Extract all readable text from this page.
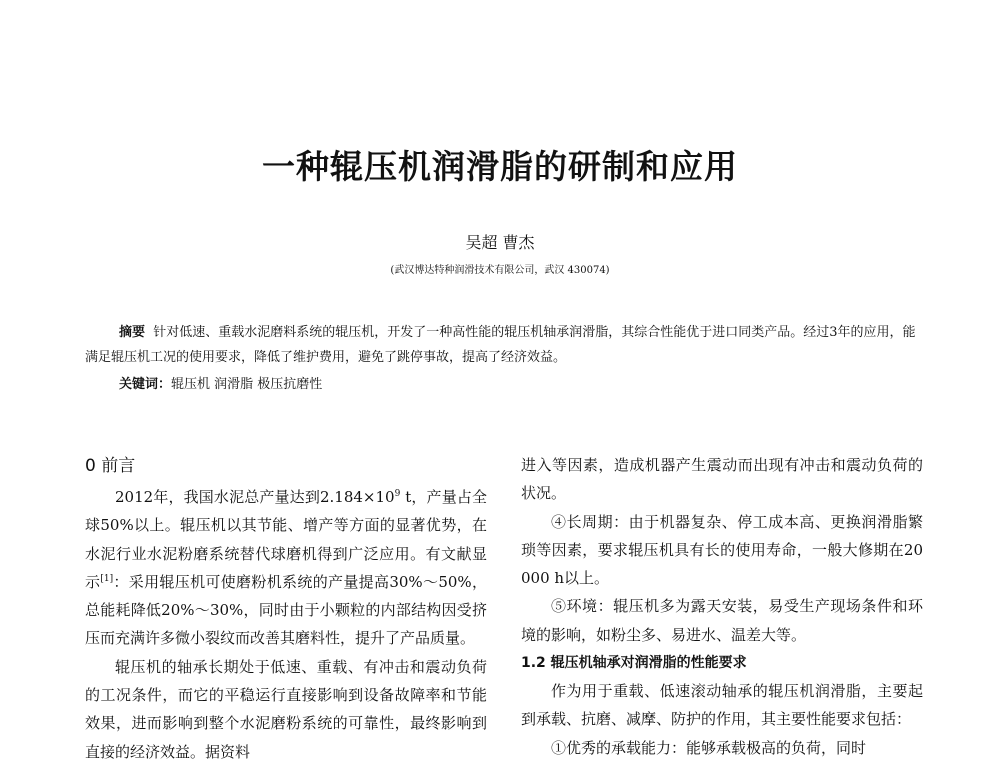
一种辊压机润滑脂的研制和应用
吴超 曹杰
(武汉博达特种润滑技术有限公司，武汉 430074)

摘要 针对低速、重载水泥磨料系统的辊压机，开发了一种高性能的辊压机轴承润滑脂，其综合性能优于进口同类产品。经过3年的应用，能满足辊压机工况的使用要求，降低了维护费用，避免了跳停事故，提高了经济效益。

关键词：辊压机 润滑脂 极压抗磨性
0 前言

2012年，我国水泥总产量达到$2.184\times 10^9$ t，产量占全球50%以上。辊压机以其节能、增产等方面的显著优势，在水泥行业水泥粉磨系统替代球磨机得到广泛应用。有文献显示[1]：采用辊压机可使磨粉机系统的产量提高30%～50%，总能耗降低20%～30%，同时由于小颗粒的内部结构因受挤压而充满许多微小裂纹而改善其磨料性，提升了产品质量。

辊压机的轴承长期处于低速、重载、有冲击和震动负荷的工况条件，而它的平稳运行直接影响到设备故障率和节能效果，进而影响到整个水泥磨粉系统的可靠性，最终影响到直接的经济效益。据资料

进入等因素，造成机器产生震动而出现有冲击和震动负荷的状况。

④长周期：由于机器复杂、停工成本高、更换润滑脂繁琐等因素，要求辊压机具有长的使用寿命，一般大修期在20 000 h以上。

⑤环境：辊压机多为露天安装，易受生产现场条件和环境的影响，如粉尘多、易进水、温差大等。

1.2 辊压机轴承对润滑脂的性能要求

作为用于重载、低速滚动轴承的辊压机润滑脂，主要起到承载、抗磨、减摩、防护的作用，其主要性能要求包括：

①优秀的承载能力：能够承载极高的负荷，同时
